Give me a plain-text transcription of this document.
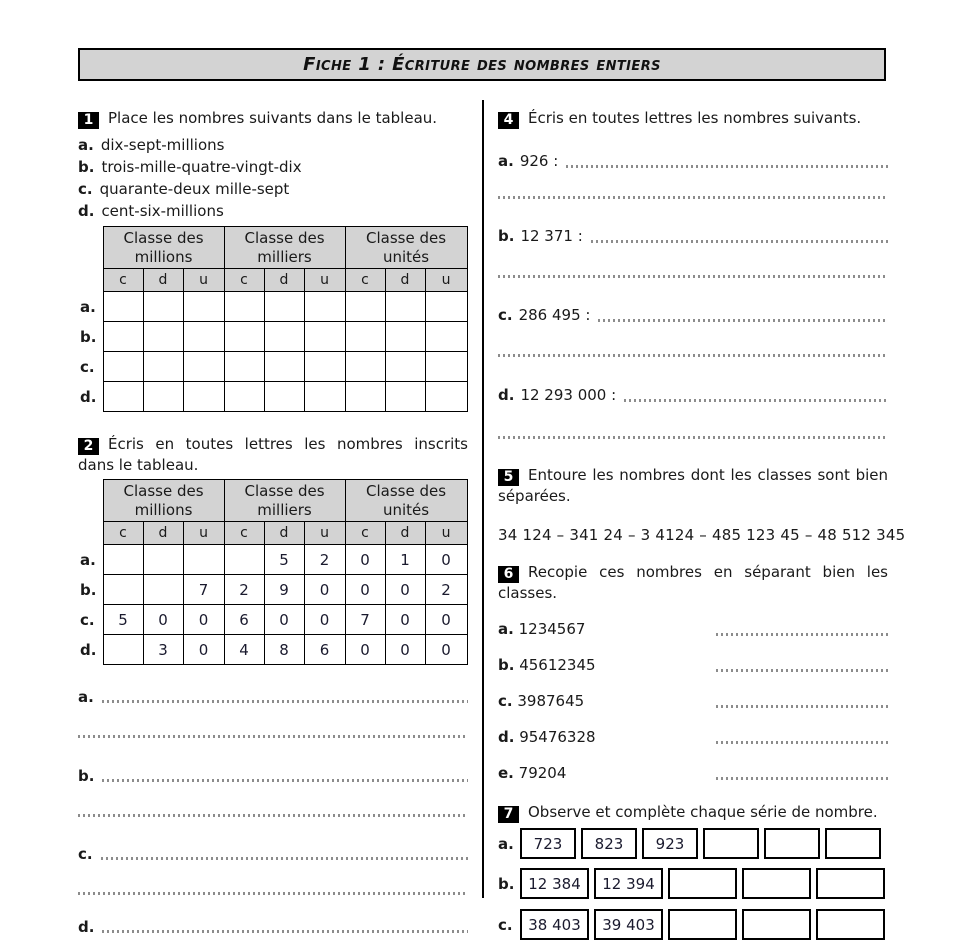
Fiche 1 : Écriture des nombres entiers
1 Place les nombres suivants dans le tableau.
a. dix-sept-millions
b. trois-mille-quatre-vingt-dix
c. quarante-deux mille-sept
d. cent-six-millions
	Classe des millions			Classe des milliers			Classe des unités		
	c	d	u	c	d	u	c	d	u
a.									
b.									
c.									
d.									
2 Écris en toutes lettres les nombres inscrits dans le tableau.
	Classe des millions			Classe des milliers			Classe des unités		
	c	d	u	c	d	u	c	d	u
a.					5	2	0	1	0
b.			7	2	9	0	0	0	2
c.	5	0	0	6	0	0	7	0	0
d.		3	0	4	8	6	0	0	0
a.
b.
c.
d.
4 Écris en toutes lettres les nombres suivants.
a. 926 :
b. 12 371 :
c. 286 495 :
d. 12 293 000 :
5 Entoure les nombres dont les classes sont bien séparées.
34 124 – 341 24 – 3 4124 – 485 123 45 – 48 512 345
6 Recopie ces nombres en séparant bien les classes.
a.
1234567
b.
45612345
c.
3987645
d.
95476328
e.
79204
7 Observe et complète chaque série de nombre.
a.	723	823	923
b. 12 384	12 394
c.	38 403	39 403
